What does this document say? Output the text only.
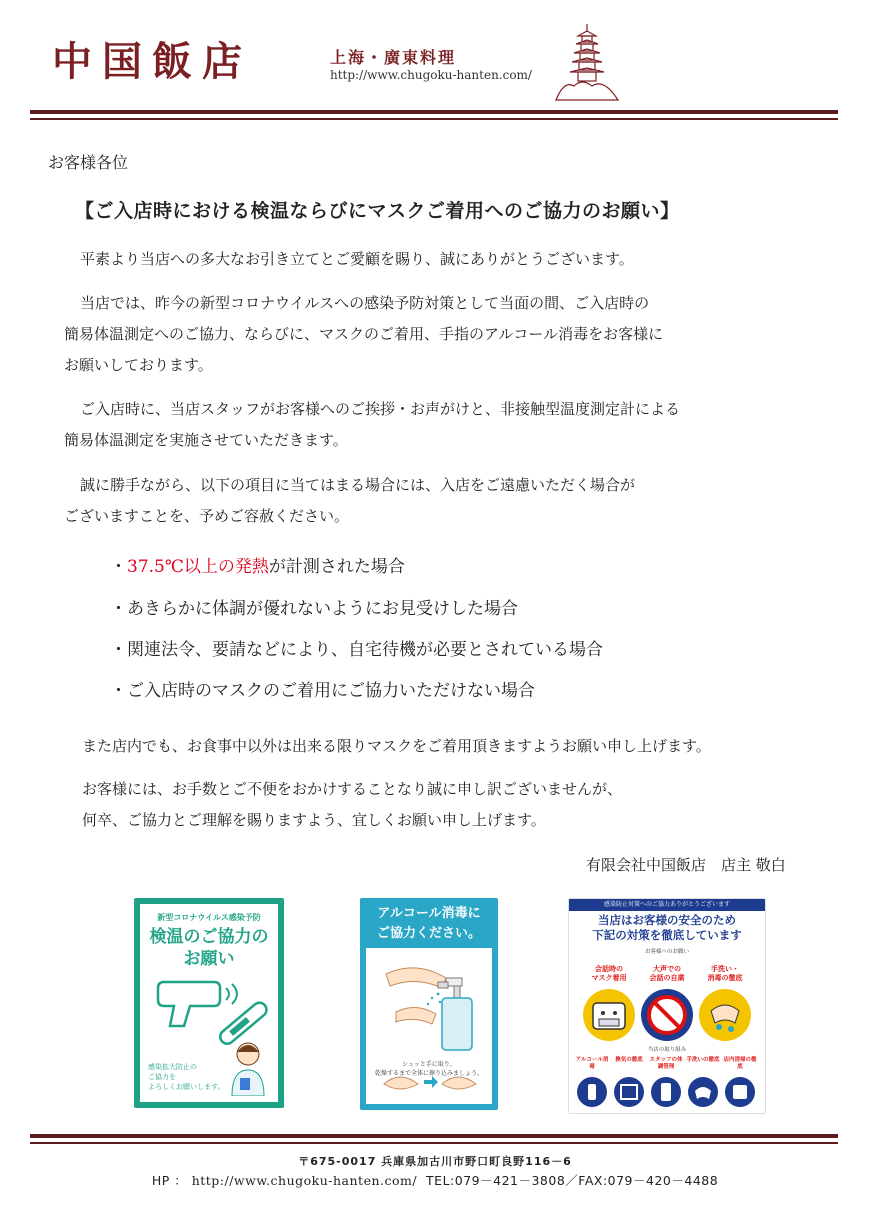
中国飯店	上海・廣東料理
http://www.chugoku-hanten.com/
お客様各位
【ご入店時における検温ならびにマスクご着用へのご協力のお願い】
平素より当店への多大なお引き立てとご愛顧を賜り、誠にありがとうございます。
当店では、昨今の新型コロナウイルスへの感染予防対策として当面の間、ご入店時の
簡易体温測定へのご協力、ならびに、マスクのご着用、手指のアルコール消毒をお客様に
お願いしております。
ご入店時に、当店スタッフがお客様へのご挨拶・お声がけと、非接触型温度測定計による
簡易体温測定を実施させていただきます。
誠に勝手ながら、以下の項目に当てはまる場合には、入店をご遠慮いただく場合が
ございますことを、予めご容赦ください。
・37.5℃以上の発熱が計測された場合
・あきらかに体調が優れないようにお見受けした場合
・関連法令、要請などにより、自宅待機が必要とされている場合
・ご入店時のマスクのご着用にご協力いただけない場合
また店内でも、お食事中以外は出来る限りマスクをご着用頂きますようお願い申し上げます。
お客様には、お手数とご不便をおかけすることなり誠に申し訳ございませんが、
何卒、ご協力とご理解を賜りますよう、宜しくお願い申し上げます。
有限会社中国飯店　店主 敬白
新型コロナウイルス感染予防
検温のご協力の
お願い
感染拡大防止の
ご協力を
よろしくお願いします。
アルコール消毒に
ご協力ください。
シュッと手に取り、
乾燥するまで全体に擦り込みましょう。
感染防止対策へのご協力ありがとうございます
当店はお客様の安全のため
下記の対策を徹底しています
お客様へのお願い
会話時の
マスク着用
大声での
会話の自粛
手洗い・
消毒の徹底
当店の取り組み
アルコール消毒
換気の徹底	スタッフの体調管理
手洗いの徹底 店内清掃の徹底
〒675-0017 兵庫県加古川市野口町良野116－6
HP ： http://www.chugoku-hanten.com/ TEL:079－421－3808／FAX:079－420－4488
